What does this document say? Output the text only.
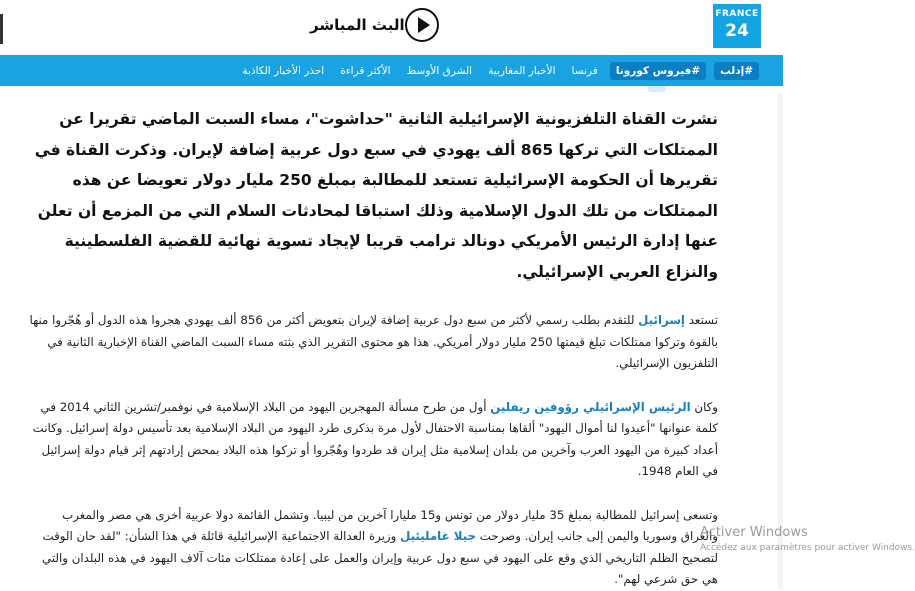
البث المباشر
FRANCE
24
#إدلب
#فيروس كورونا
فرنسا
الأخبار المغاربية
الشرق الأوسط
الأكثر قراءة
احذر الأخبار الكاذبة

نشرت القناة التلفزيونية الإسرائيلية الثانية "حداشوت"، مساء السبت الماضي تقريرا عن الممتلكات التي تركها 865 ألف يهودي في سبع دول عربية إضافة لإيران. وذكرت القناة في تقريرها أن الحكومة الإسرائيلية تستعد للمطالبة بمبلغ 250 مليار دولار تعويضا عن هذه الممتلكات من تلك الدول الإسلامية وذلك استباقا لمحادثات السلام التي من المزمع أن تعلن عنها إدارة الرئيس الأمريكي دونالد ترامب قريبا لإيجاد تسوية نهائية للقضية الفلسطينية والنزاع العربي الإسرائيلي.

تستعد إسرائيل للتقدم بطلب رسمي لأكثر من سبع دول عربية إضافة لإيران بتعويض أكثر من 856 ألف يهودي هجروا هذه الدول أو هُجّروا منها بالقوة وتركوا ممتلكات تبلغ قيمتها 250 مليار دولار أمريكي. هذا هو محتوى التقرير الذي بثته مساء السبت الماضي القناة الإخبارية الثانية في التلفزيون الإسرائيلي.

وكان الرئيس الإسرائيلي رؤوفين ريفلين أول من طرح مسألة المهجرين اليهود من البلاد الإسلامية في نوفمبر/تشرين الثاني 2014 في كلمة عنوانها "أعيدوا لنا أموال اليهود" ألقاها بمناسبة الاحتفال لأول مرة بذكرى طرد اليهود من البلاد الإسلامية بعد تأسيس دولة إسرائيل. وكانت أعداد كبيرة من اليهود العرب وآخرين من بلدان إسلامية مثل إيران قد طردوا وهُجّروا أو تركوا هذه البلاد بمحض إرادتهم إثر قيام دولة إسرائيل في العام 1948.

وتسعى إسرائيل للمطالبة بمبلغ 35 مليار دولار من تونس و15 مليارا آخرين من ليبيا. وتشمل القائمة دولا عربية أخرى هي مصر والمغرب والعراق وسوريا واليمن إلى جانب إيران. وصرحت جيلا غامليئيل وزيرة العدالة الاجتماعية الإسرائيلية قائلة في هذا الشأن: "لقد حان الوقت لتصحيح الظلم التاريخي الذي وقع على اليهود في سبع دول عربية وإيران والعمل على إعادة ممتلكات مئات آلاف اليهود في هذه البلدان والتي هي حق شرعي لهم".

Activer Windows
Accédez aux paramètres pour activer Windows.
